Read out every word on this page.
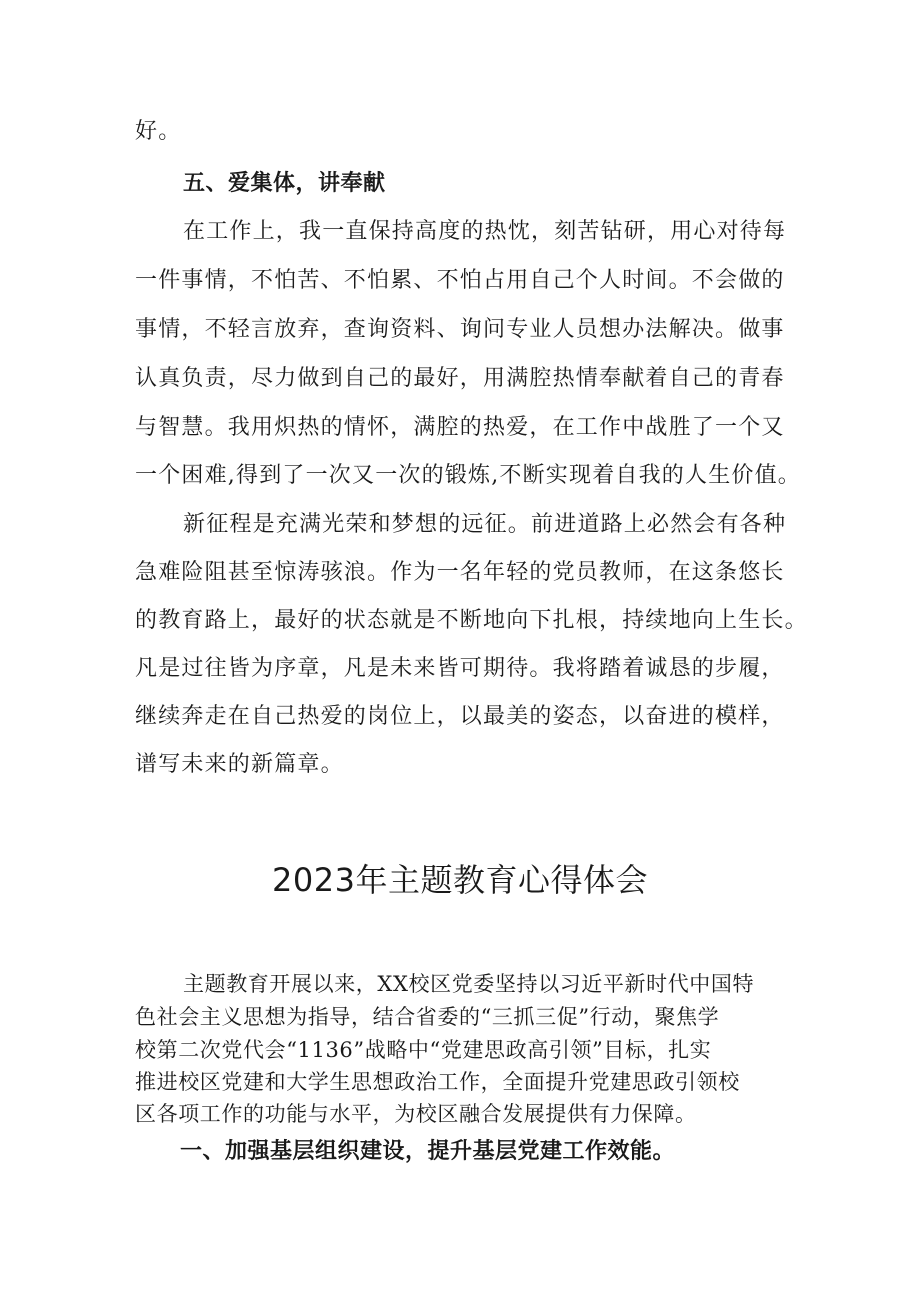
好。
五、爱集体，讲奉献
在工作上，我一直保持高度的热忱，刻苦钻研，用心对待每
一件事情，不怕苦、不怕累、不怕占用自己个人时间。不会做的
事情，不轻言放弃，查询资料、询问专业人员想办法解决。做事
认真负责，尽力做到自己的最好，用满腔热情奉献着自己的青春
与智慧。我用炽热的情怀，满腔的热爱，在工作中战胜了一个又
一个困难,得到了一次又一次的锻炼,不断实现着自我的人生价值。
新征程是充满光荣和梦想的远征。前进道路上必然会有各种
急难险阻甚至惊涛骇浪。作为一名年轻的党员教师，在这条悠长
的教育路上，最好的状态就是不断地向下扎根，持续地向上生长。
凡是过往皆为序章，凡是未来皆可期待。我将踏着诚恳的步履，
继续奔走在自己热爱的岗位上，以最美的姿态，以奋进的模样，
谱写未来的新篇章。
2023年主题教育心得体会
主题教育开展以来，XX校区党委坚持以习近平新时代中国特
色社会主义思想为指导，结合省委的“三抓三促”行动，聚焦学
校第二次党代会“1136”战略中“党建思政高引领”目标，扎实
推进校区党建和大学生思想政治工作，全面提升党建思政引领校
区各项工作的功能与水平，为校区融合发展提供有力保障。
一、加强基层组织建设，提升基层党建工作效能。
